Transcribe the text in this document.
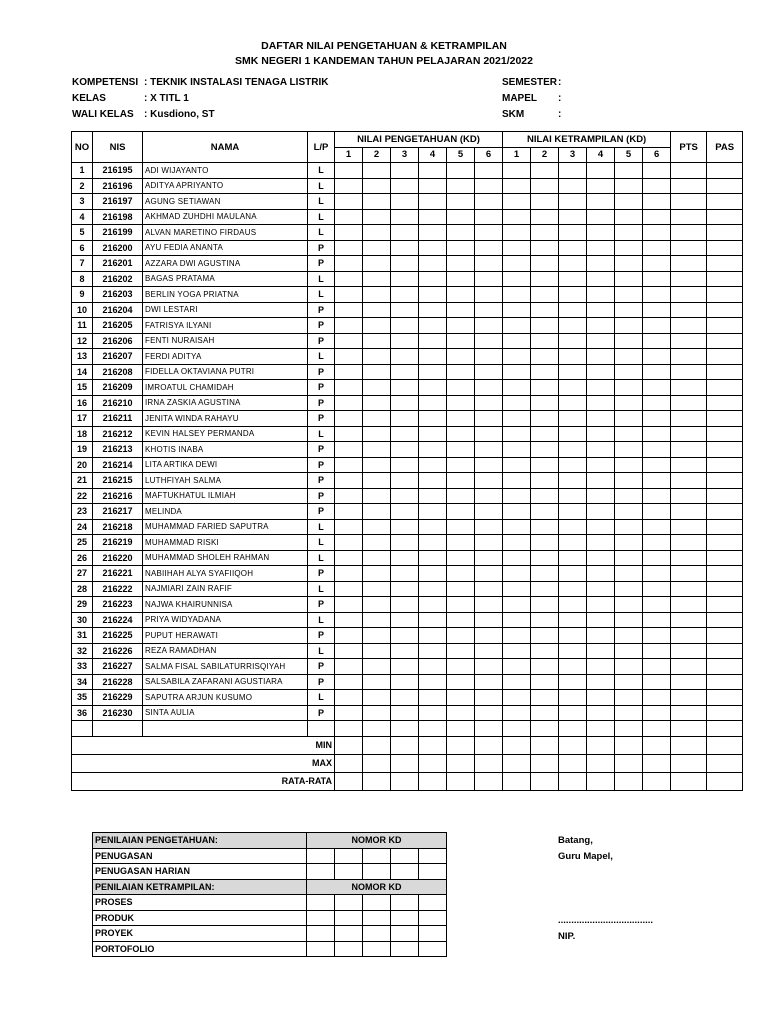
DAFTAR NILAI PENGETAHUAN & KETRAMPILAN
SMK NEGERI 1 KANDEMAN TAHUN PELAJARAN 2021/2022
KOMPETENSI : TEKNIK INSTALASI TENAGA LISTRIK
KELAS	: X TITL 1
WALI KELAS : Kusdiono, ST
SEMESTER :
MAPEL :
SKM	:
NO	NIS	NAMA	L/P	NILAI PENGETAHUAN (KD)						NILAI KETRAMPILAN (KD)						PTS	PAS
				1	2	3	4	5	6	1	2	3	4	5	6		
1	216195	ADI WIJAYANTO	L														
2	216196	ADITYA APRIYANTO	L														
3	216197	AGUNG SETIAWAN	L														
4	216198	AKHMAD ZUHDHI MAULANA	L														
5	216199	ALVAN MARETINO FIRDAUS	L														
6	216200	AYU FEDIA ANANTA	P														
7	216201	AZZARA DWI AGUSTINA	P														
8	216202	BAGAS PRATAMA	L														
9	216203	BERLIN YOGA PRIATNA	L														
10	216204	DWI LESTARI	P														
11	216205	FATRISYA ILYANI	P														
12	216206	FENTI NURAISAH	P														
13	216207	FERDI ADITYA	L														
14	216208	FIDELLA OKTAVIANA PUTRI	P														
15	216209	IMROATUL CHAMIDAH	P														
16	216210	IRNA ZASKIA AGUSTINA	P														
17	216211	JENITA WINDA RAHAYU	P														
18	216212	KEVIN HALSEY PERMANDA	L														
19	216213	KHOTIS INABA	P														
20	216214	LITA ARTIKA DEWI	P														
21	216215	LUTHFIYAH SALMA	P														
22	216216	MAFTUKHATUL ILMIAH	P														
23	216217	MELINDA	P														
24	216218	MUHAMMAD FARIED SAPUTRA	L														
25	216219	MUHAMMAD RISKI	L														
26	216220	MUHAMMAD SHOLEH RAHMAN	L														
27	216221	NABIIHAH ALYA SYAFIIQOH	P														
28	216222	NAJMIARI ZAIN RAFIF	L														
29	216223	NAJWA KHAIRUNNISA	P														
30	216224	PRIYA WIDYADANA	L														
31	216225	PUPUT HERAWATI	P														
32	216226	REZA RAMADHAN	L														
33	216227	SALMA FISAL SABILATURRISQIYAH	P														
34	216228	SALSABILA ZAFARANI AGUSTIARA	P														
35	216229	SAPUTRA ARJUN KUSUMO	L														
36	216230	SINTA AULIA	P														

MIN																	
MAX																	
RATA-RATA																	
PENILAIAN PENGETAHUAN:	NOMOR KD				
PENUGASAN					
PENUGASAN HARIAN					
PENILAIAN KETRAMPILAN:	NOMOR KD				
PROSES					
PRODUK					
PROYEK					
PORTOFOLIO					
Batang,
Guru Mapel,
....................................
NIP.
